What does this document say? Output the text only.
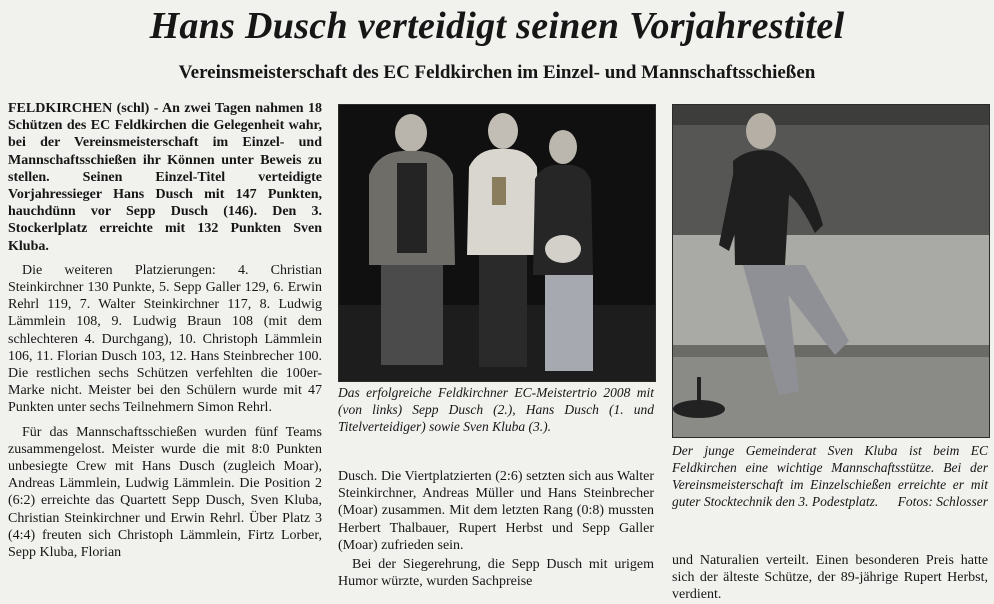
Hans Dusch verteidigt seinen Vorjahrestitel
Vereinsmeisterschaft des EC Feldkirchen im Einzel- und Mannschaftsschießen

FELDKIRCHEN (schl) - An zwei Tagen nahmen 18 Schützen des EC Feldkirchen die Gelegenheit wahr, bei der Vereinsmeisterschaft im Einzel- und Mannschaftsschießen ihr Können unter Beweis zu stellen. Seinen Einzel-Titel verteidigte Vorjahressieger Hans Dusch mit 147 Punkten, hauchdünn vor Sepp Dusch (146). Den 3. Stockerlplatz erreichte mit 132 Punkten Sven Kluba.

Die weiteren Platzierungen: 4. Christian Steinkirchner 130 Punkte, 5. Sepp Galler 129, 6. Erwin Rehrl 119, 7. Walter Steinkirchner 117, 8. Ludwig Lämmlein 108, 9. Ludwig Braun 108 (mit dem schlechteren 4. Durchgang), 10. Christoph Lämmlein 106, 11. Florian Dusch 103, 12. Hans Steinbrecher 100. Die restlichen sechs Schützen verfehlten die 100er-Marke nicht. Meister bei den Schülern wurde mit 47 Punkten unter sechs Teilnehmern Simon Rehrl.

Für das Mannschaftsschießen wurden fünf Teams zusammengelost. Meister wurde die mit 8:0 Punkten unbesiegte Crew mit Hans Dusch (zugleich Moar), Andreas Lämmlein, Ludwig Lämmlein. Die Position 2 (6:2) erreichte das Quartett Sepp Dusch, Sven Kluba, Christian Steinkirchner und Erwin Rehrl. Über Platz 3 (4:4) freuten sich Christoph Lämmlein, Firtz Lorber, Sepp Kluba, Florian

Das erfolgreiche Feldkirchner EC-Meistertrio 2008 mit (von links) Sepp Dusch (2.), Hans Dusch (1. und Titelverteidiger) sowie Sven Kluba (3.).

Dusch. Die Viertplatzierten (2:6) setzten sich aus Walter Steinkirchner, Andreas Müller und Hans Steinbrecher (Moar) zusammen. Mit dem letzten Rang (0:8) mussten Herbert Thalbauer, Rupert Herbst und Sepp Galler (Moar) zufrieden sein.

Bei der Siegerehrung, die Sepp Dusch mit urigem Humor würzte, wurden Sachpreise

Der junge Gemeinderat Sven Kluba ist beim EC Feldkirchen eine wichtige Mannschaftsstütze. Bei der Vereinsmeisterschaft im Einzelschießen erreichte er mit guter Stocktechnik den 3. Podestplatz. Fotos: Schlosser

und Naturalien verteilt. Einen besonderen Preis hatte sich der älteste Schütze, der 89-jährige Rupert Herbst, verdient.
